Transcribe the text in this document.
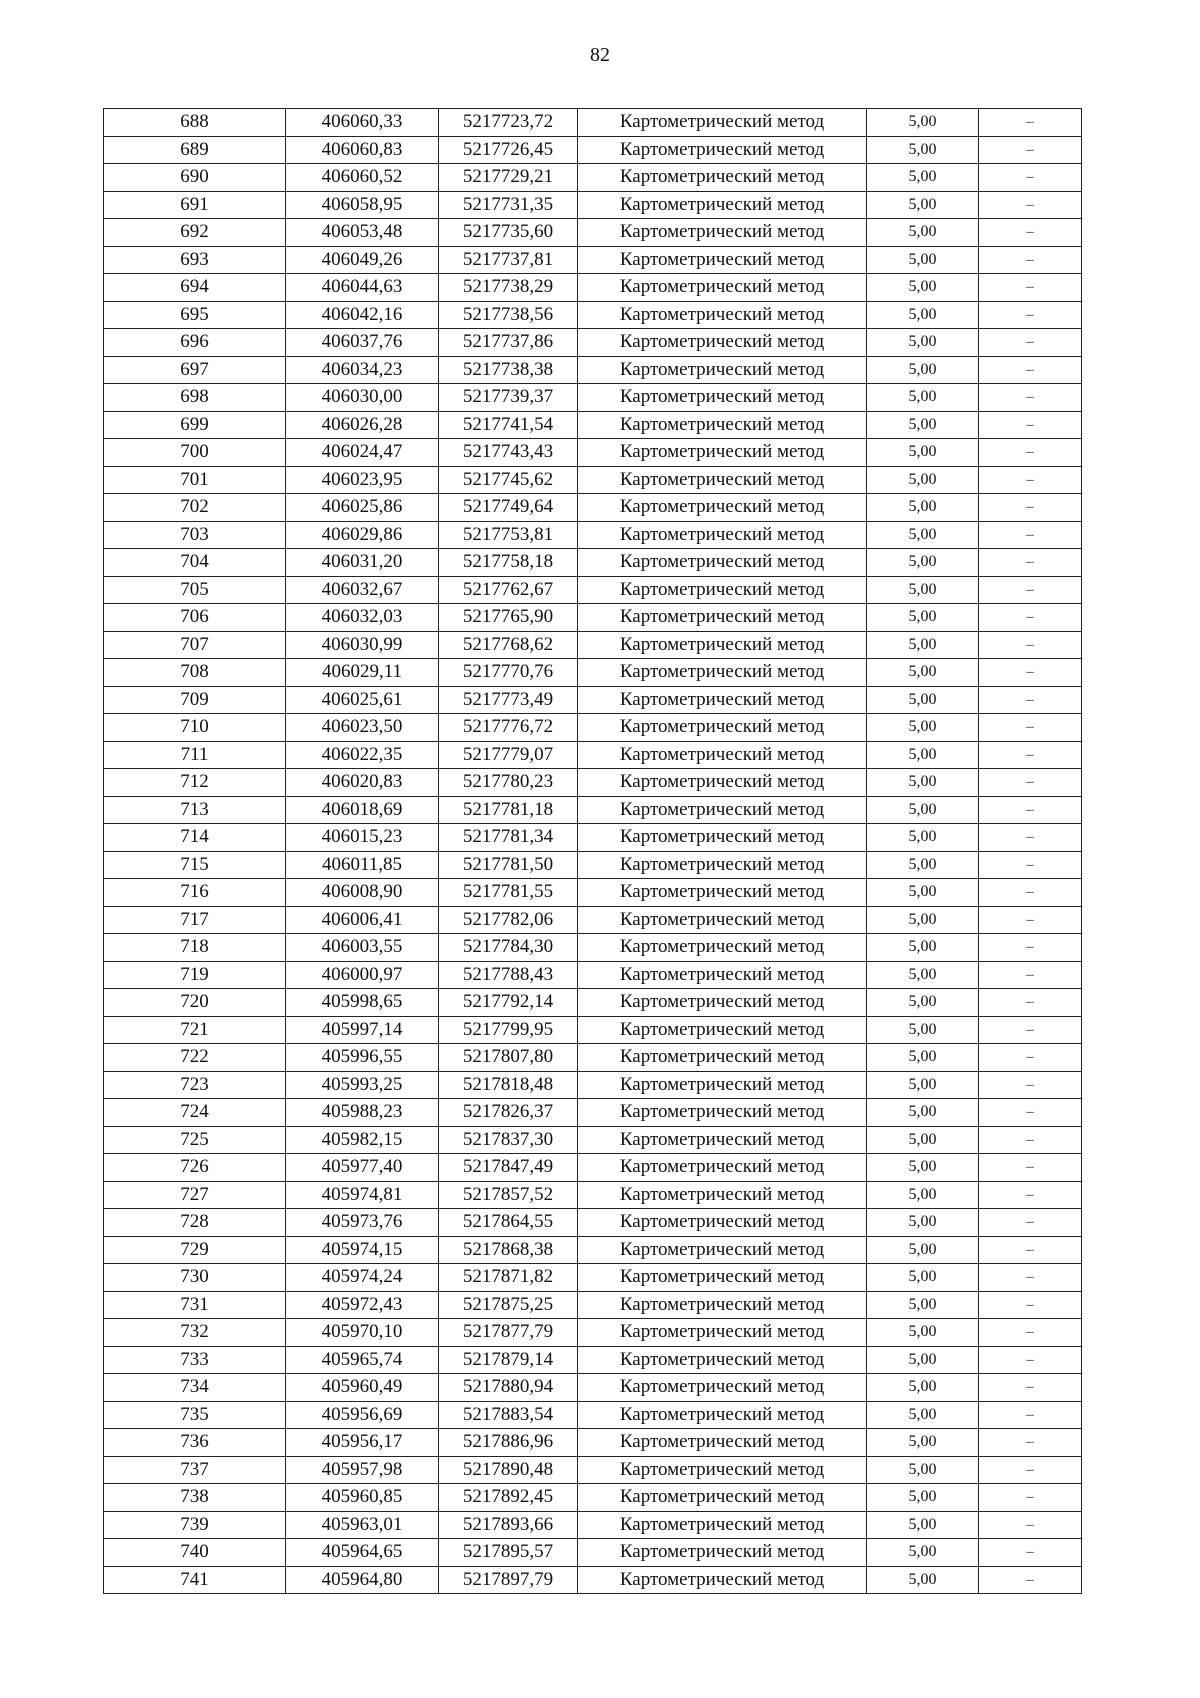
82
688	406060,33	5217723,72	Картометрический метод	5,00	–
689	406060,83	5217726,45	Картометрический метод	5,00	–
690	406060,52	5217729,21	Картометрический метод	5,00	–
691	406058,95	5217731,35	Картометрический метод	5,00	–
692	406053,48	5217735,60	Картометрический метод	5,00	–
693	406049,26	5217737,81	Картометрический метод	5,00	–
694	406044,63	5217738,29	Картометрический метод	5,00	–
695	406042,16	5217738,56	Картометрический метод	5,00	–
696	406037,76	5217737,86	Картометрический метод	5,00	–
697	406034,23	5217738,38	Картометрический метод	5,00	–
698	406030,00	5217739,37	Картометрический метод	5,00	–
699	406026,28	5217741,54	Картометрический метод	5,00	–
700	406024,47	5217743,43	Картометрический метод	5,00	–
701	406023,95	5217745,62	Картометрический метод	5,00	–
702	406025,86	5217749,64	Картометрический метод	5,00	–
703	406029,86	5217753,81	Картометрический метод	5,00	–
704	406031,20	5217758,18	Картометрический метод	5,00	–
705	406032,67	5217762,67	Картометрический метод	5,00	–
706	406032,03	5217765,90	Картометрический метод	5,00	–
707	406030,99	5217768,62	Картометрический метод	5,00	–
708	406029,11	5217770,76	Картометрический метод	5,00	–
709	406025,61	5217773,49	Картометрический метод	5,00	–
710	406023,50	5217776,72	Картометрический метод	5,00	–
711	406022,35	5217779,07	Картометрический метод	5,00	–
712	406020,83	5217780,23	Картометрический метод	5,00	–
713	406018,69	5217781,18	Картометрический метод	5,00	–
714	406015,23	5217781,34	Картометрический метод	5,00	–
715	406011,85	5217781,50	Картометрический метод	5,00	–
716	406008,90	5217781,55	Картометрический метод	5,00	–
717	406006,41	5217782,06	Картометрический метод	5,00	–
718	406003,55	5217784,30	Картометрический метод	5,00	–
719	406000,97	5217788,43	Картометрический метод	5,00	–
720	405998,65	5217792,14	Картометрический метод	5,00	–
721	405997,14	5217799,95	Картометрический метод	5,00	–
722	405996,55	5217807,80	Картометрический метод	5,00	–
723	405993,25	5217818,48	Картометрический метод	5,00	–
724	405988,23	5217826,37	Картометрический метод	5,00	–
725	405982,15	5217837,30	Картометрический метод	5,00	–
726	405977,40	5217847,49	Картометрический метод	5,00	–
727	405974,81	5217857,52	Картометрический метод	5,00	–
728	405973,76	5217864,55	Картометрический метод	5,00	–
729	405974,15	5217868,38	Картометрический метод	5,00	–
730	405974,24	5217871,82	Картометрический метод	5,00	–
731	405972,43	5217875,25	Картометрический метод	5,00	–
732	405970,10	5217877,79	Картометрический метод	5,00	–
733	405965,74	5217879,14	Картометрический метод	5,00	–
734	405960,49	5217880,94	Картометрический метод	5,00	–
735	405956,69	5217883,54	Картометрический метод	5,00	–
736	405956,17	5217886,96	Картометрический метод	5,00	–
737	405957,98	5217890,48	Картометрический метод	5,00	–
738	405960,85	5217892,45	Картометрический метод	5,00	–
739	405963,01	5217893,66	Картометрический метод	5,00	–
740	405964,65	5217895,57	Картометрический метод	5,00	–
741	405964,80	5217897,79	Картометрический метод	5,00	–
